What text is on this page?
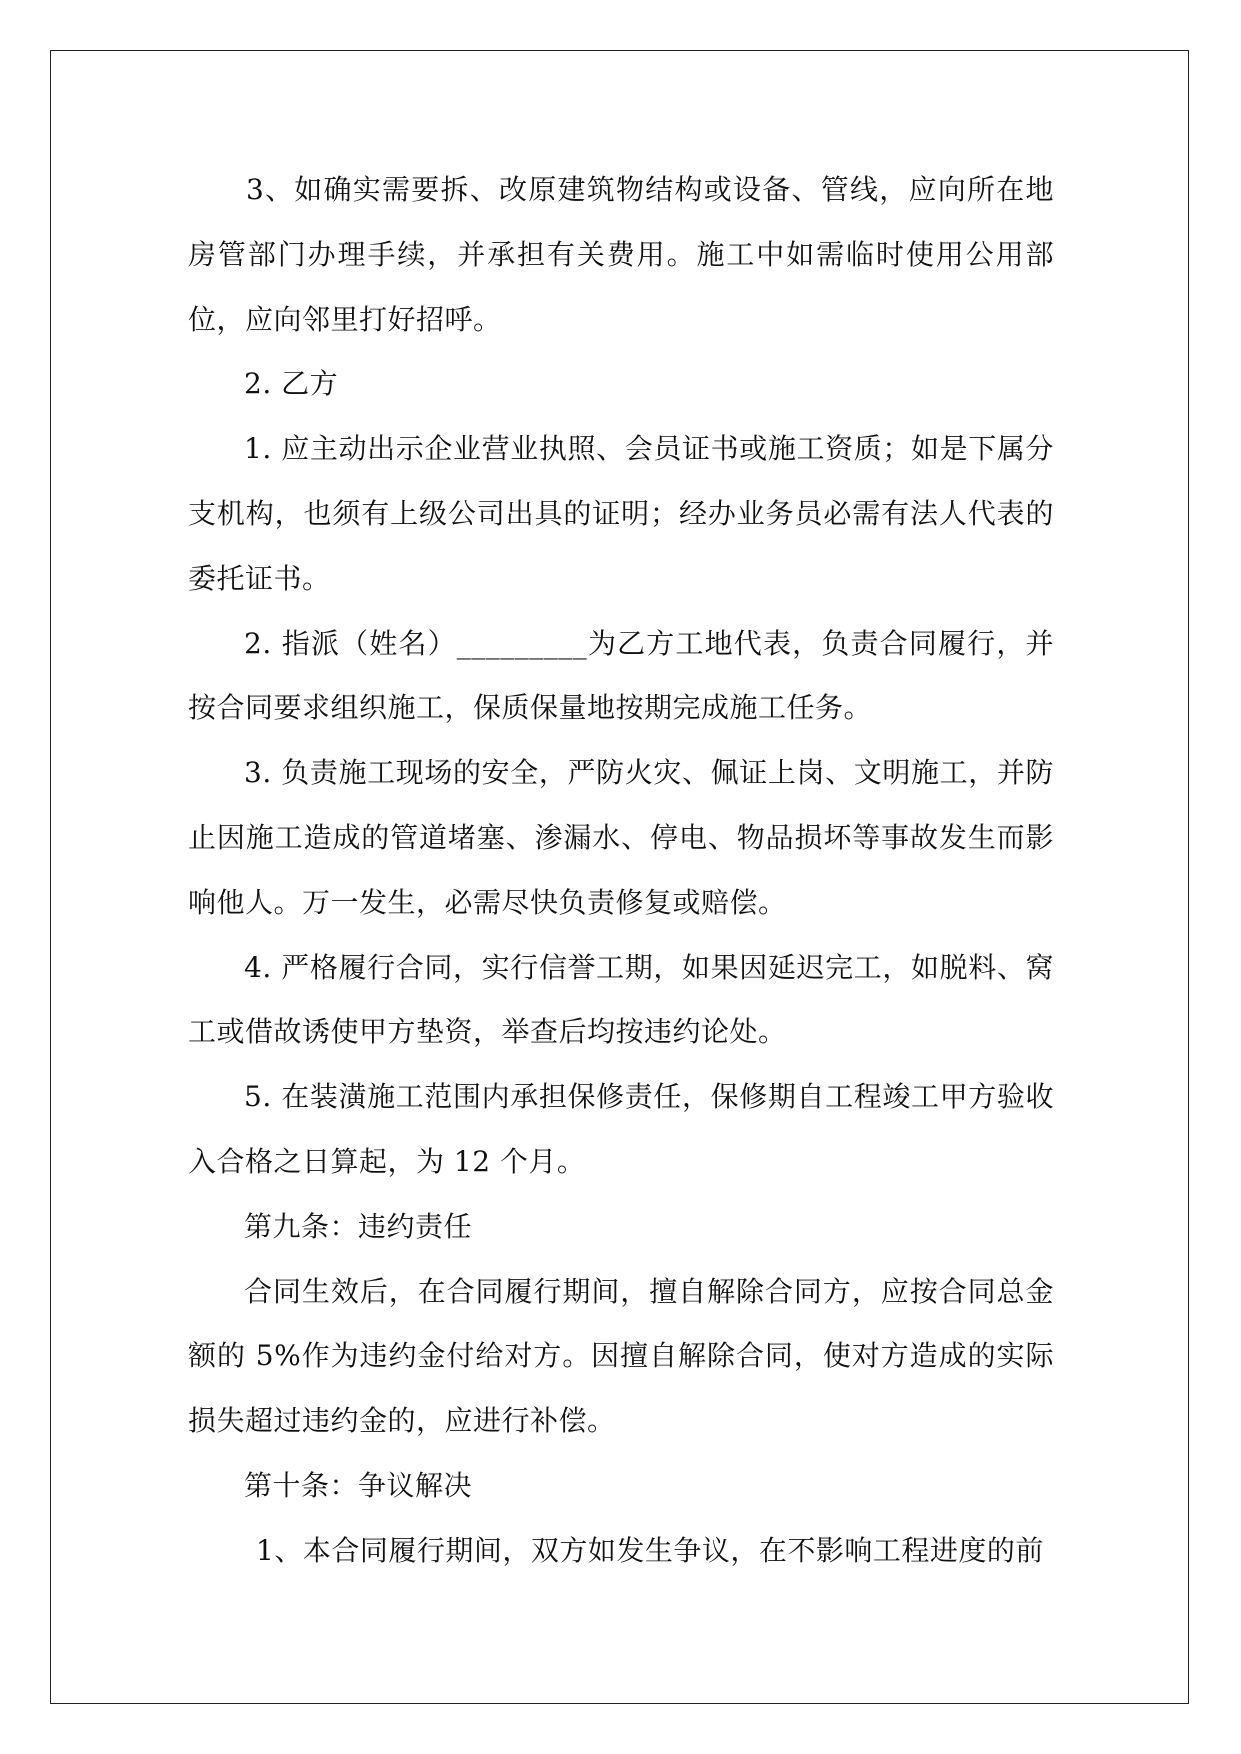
3、如确实需要拆、改原建筑物结构或设备、管线，应向所在地房管部门办理手续，并承担有关费用。施工中如需临时使用公用部位，应向邻里打好招呼。

2. 乙方

1. 应主动出示企业营业执照、会员证书或施工资质；如是下属分支机构，也须有上级公司出具的证明；经办业务员必需有法人代表的委托证书。

2. 指派（姓名）_________为乙方工地代表，负责合同履行，并按合同要求组织施工，保质保量地按期完成施工任务。

3. 负责施工现场的安全，严防火灾、佩证上岗、文明施工，并防止因施工造成的管道堵塞、渗漏水、停电、物品损坏等事故发生而影响他人。万一发生，必需尽快负责修复或赔偿。

4. 严格履行合同，实行信誉工期，如果因延迟完工，如脱料、窝工或借故诱使甲方垫资，举查后均按违约论处。

5. 在装潢施工范围内承担保修责任，保修期自工程竣工甲方验收入合格之日算起，为 12 个月。

第九条：违约责任

合同生效后，在合同履行期间，擅自解除合同方，应按合同总金额的 5%作为违约金付给对方。因擅自解除合同，使对方造成的实际损失超过违约金的，应进行补偿。

第十条：争议解决

1、本合同履行期间，双方如发生争议，在不影响工程进度的前
